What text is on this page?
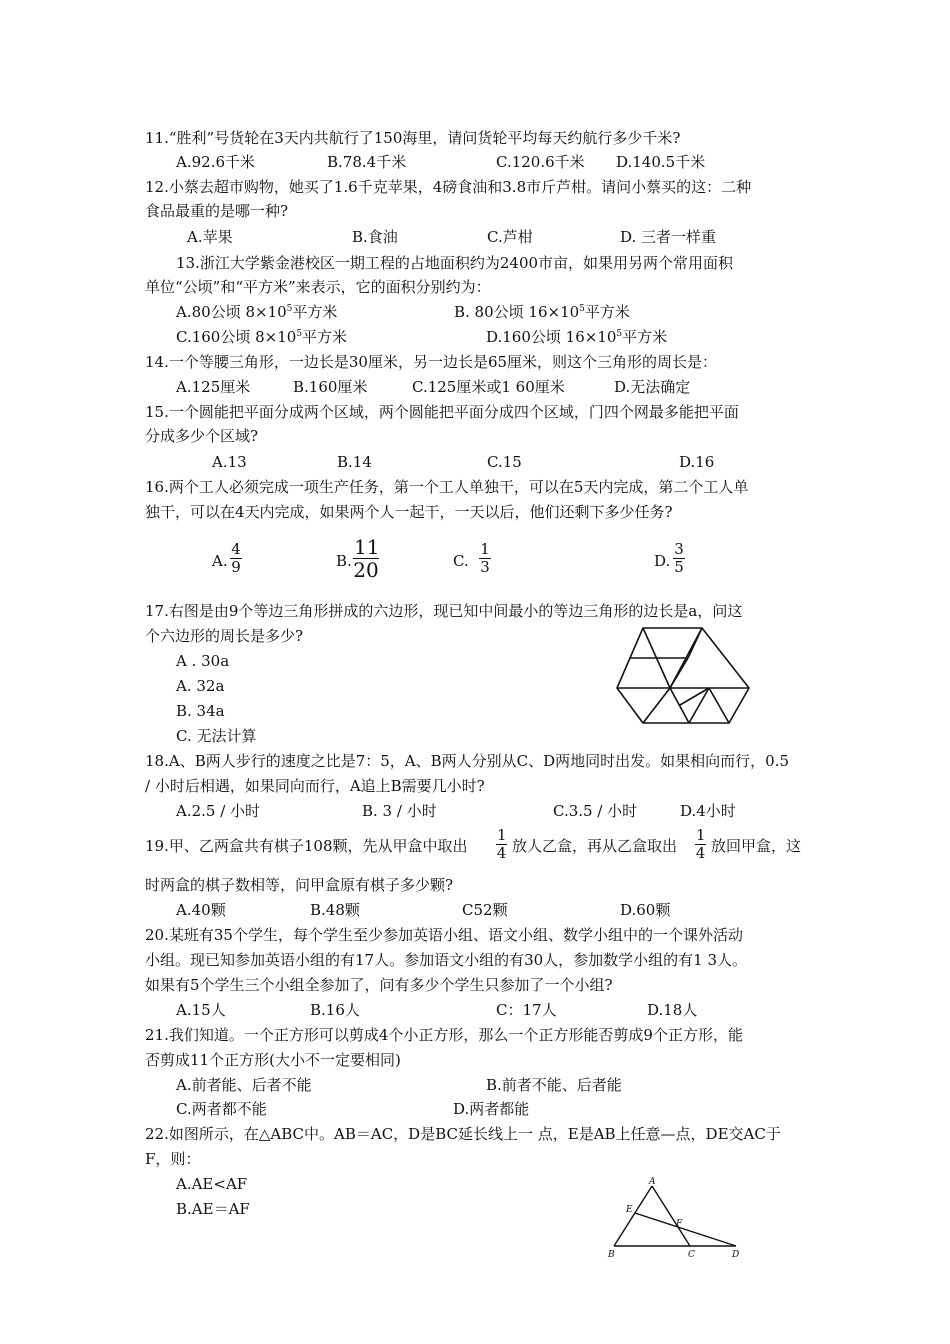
11.“胜利”号货轮在3天内共航行了150海里，请问货轮平均每天约航行多少千米?
A.92.6千米	B.78.4千米	C.120.6千米 D.140.5千米
12.小蔡去超市购物，她买了1.6千克苹果，4磅食油和3.8市斤芦柑。请问小蔡买的这：二种
食品最重的是哪一种?
A.苹果	B.食油	C.芦柑	D. 三者一样重
13.浙江大学紫金港校区一期工程的占地面积约为2400市亩，如果用另两个常用面积
单位“公顷”和“平方米”来表示，它的面积分别约为：
A.80公顷 $8\times 10^5$平方米	B. 80公顷 $16\times 10^5$平方米
C.160公顷 $8\times 10^5$平方米	D.160公顷 $16\times 10^5$平方米
14.一个等腰三角形，一边长是30厘米，另一边长是65厘米，则这个三角形的周长是：
A.125厘米	B.160厘米	C.125厘米或1 60厘米	D.无法确定
15.一个圆能把平面分成两个区域，两个圆能把平面分成四个区域，门四个网最多能把平面
分成多少个区域?
A.13	B.14	C.15	D.16
16.两个工人必须完成一项生产任务，第一个工人单独干，可以在5天内完成，第二个工人单
独干，可以在4天内完成，如果两个人一起干，一天以后，他们还剩下多少任务?
A.
4
9	B.
11
20	C.
1
3	D.
3
5
17.右图是由9个等边三角形拼成的六边形，现已知中间最小的等边三角形的边长是a，问这
个六边形的周长是多少?
A . 30a
A. 32a
B. 34a
C. 无法计算
18.A、B两人步行的速度之比是7：5，A、B两人分别从C、D两地同时出发。如果相向而行，0.5
/ 小时后相遇，如果同向而行，A追上B需要几小时?
A.2.5 / 小时	B. 3 / 小时	C.3.5 / 小时	D.4小时
19.甲、乙两盒共有棋子108颗，先从甲盒中取出
1
4 放人乙盒，再从乙盒取出
1
4 放回甲盒，这
时两盒的棋子数相等，问甲盒原有棋子多少颗?
A.40颗	B.48颗	C52颗	D.60颗
20.某班有35个学生，每个学生至少参加英语小组、语文小组、数学小组中的一个课外活动
小组。现已知参加英语小组的有17人。参加语文小组的有30人，参加数学小组的有1 3人。
如果有5个学生三个小组全参加了，问有多少个学生只参加了一个小组?
A.15人	B.16人	C：17人	D.18人
21.我们知道。一个正方形可以剪成4个小正方形，那么一个正方形能否剪成9个正方形，能
否剪成11个正方形(大小不一定要相同)
A.前者能、后者不能	B.前者不能、后者能
C.两者都不能	D.两者都能
22.如图所示，在△ABC中。AB＝AC，D是BC延长线上一 点，E是AB上任意—点，DE交AC于
F，则：
A.AE<AF
B.AE＝AF
A
E
F
B	C	D
